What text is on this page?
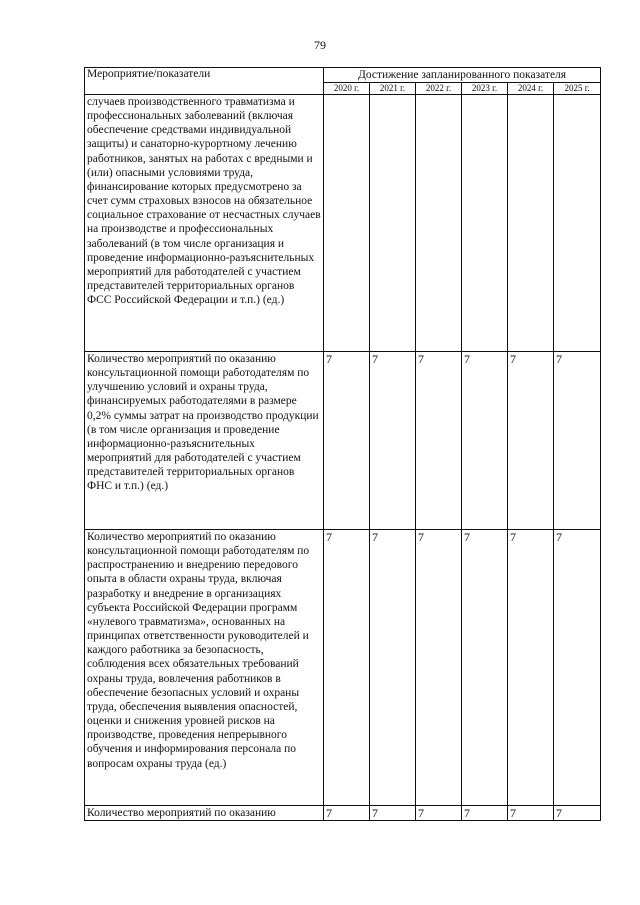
79
Мероприятие/показатели	Достижение запланированного показателя					
	2020 г.	2021 г.	2022 г.	2023 г.	2024 г.	2025 г.
случаев производственного травматизма и профессиональных заболеваний (включая обеспечение средствами индивидуальной защиты) и санаторно-курортному лечению работников, занятых на работах с вредными и (или) опасными условиями труда, финансирование которых предусмотрено за счет сумм страховых взносов на обязательное социальное страхование от несчастных случаев на производстве и профессиональных заболеваний (в том числе организация и проведение информационно-разъяснительных мероприятий для работодателей с участием представителей территориальных органов ФСС Российской Федерации и т.п.) (ед.)						
Количество мероприятий по оказанию консультационной помощи работодателям по улучшению условий и охраны труда, финансируемых работодателями в размере 0,2% суммы затрат на производство продукции (в том числе организация и проведение информационно-разъяснительных мероприятий для работодателей с участием представителей территориальных органов ФНС и т.п.) (ед.)	7	7	7	7	7	7
Количество мероприятий по оказанию консультационной помощи работодателям по распространению и внедрению передового опыта в области охраны труда, включая разработку и внедрение в организациях субъекта Российской Федерации программ «нулевого травматизма», основанных на принципах ответственности руководителей и каждого работника за безопасность, соблюдения всех обязательных требований охраны труда, вовлечения работников в обеспечение безопасных условий и охраны труда, обеспечения выявления опасностей, оценки и снижения уровней рисков на производстве, проведения непрерывного обучения и информирования персонала по вопросам охраны труда (ед.)	7	7	7	7	7	7
Количество мероприятий по оказанию	7	7	7	7	7	7
